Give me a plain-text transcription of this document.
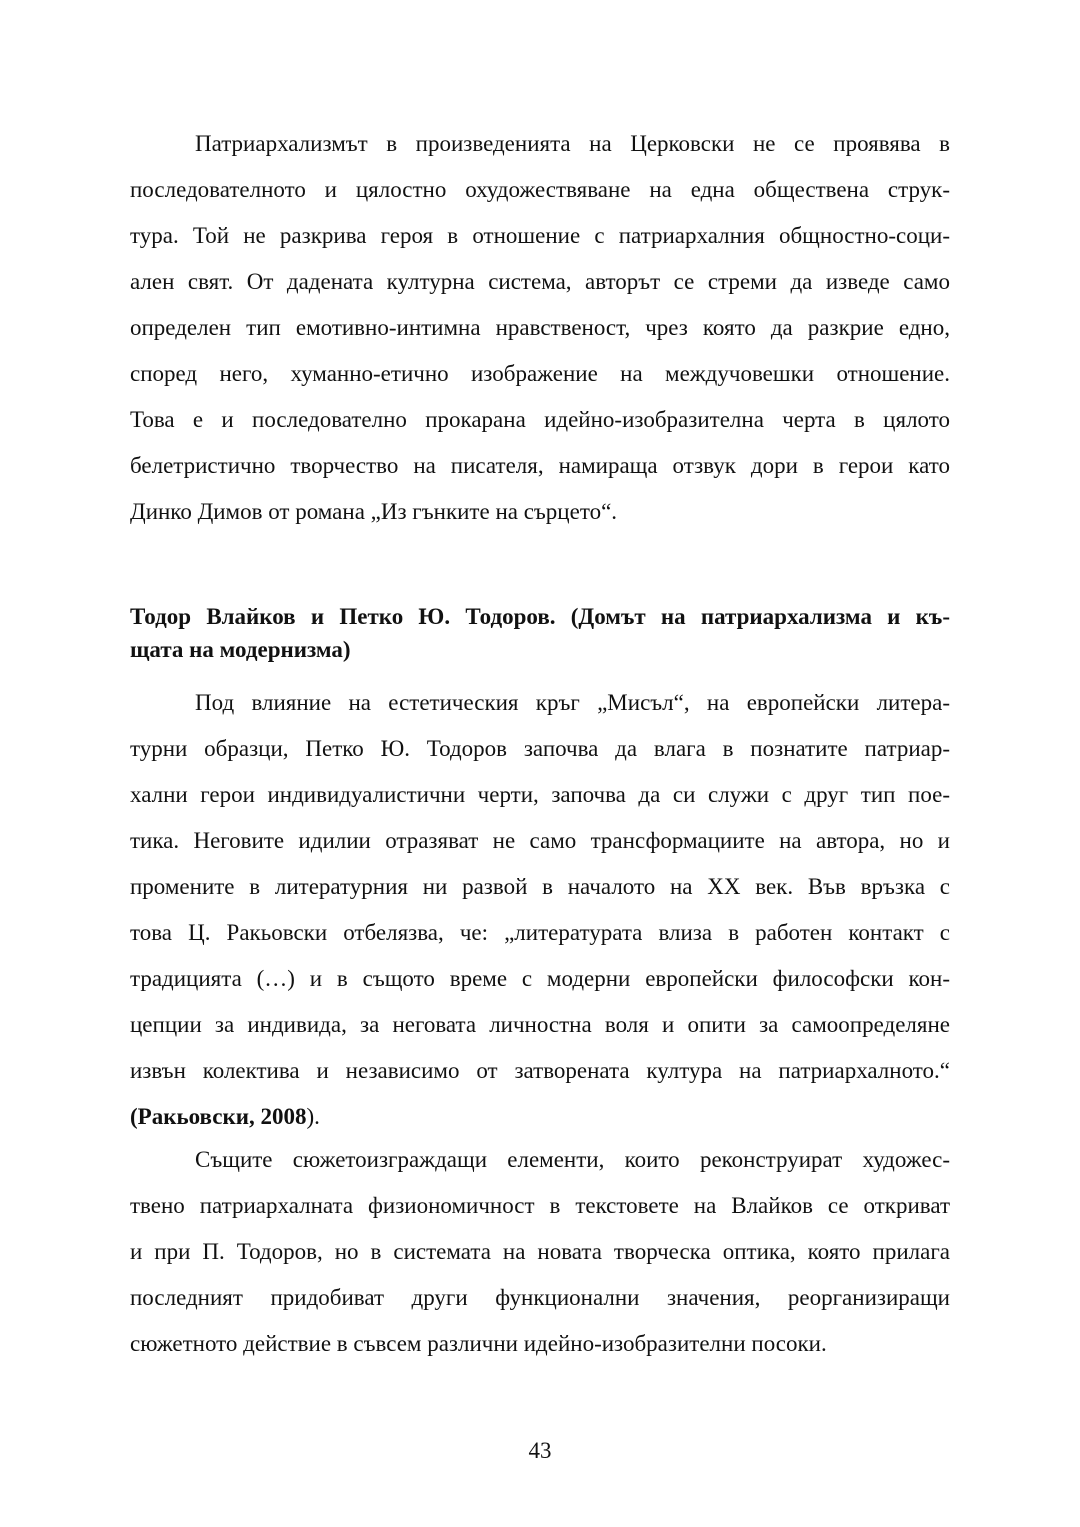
Патриархализмът в произведенията на Церковски не се проявява в
последователното и цялостно охудожествяване на една обществена струк-
тура. Той не разкрива героя в отношение с патриархалния общностно-соци-
ален свят. От дадената културна система, авторът се стреми да изведе само
определен тип емотивно-интимна нравственост, чрез която да разкрие едно,
според него, хуманно-етично изображение на междучовешки отношение.
Това е и последователно прокарана идейно-изобразителна черта в цялото
белетристично творчество на писателя, намираща отзвук дори в герои като
Динко Димов от романа „Из гънките на сърцето“.
Тодор Влайков и Петко Ю. Тодоров. (Домът на патриархализма и къ-
щата на модернизма)
Под влияние на естетическия кръг „Мисъл“, на европейски литера-
турни образци, Петко Ю. Тодоров започва да влага в познатите патриар-
хални герои индивидуалистични черти, започва да си служи с друг тип пое-
тика. Неговите идилии отразяват не само трансформациите на автора, но и
промените в литературния ни развой в началото на ХХ век. Във връзка с
това Ц. Ракьовски отбелязва, че: „литературата влиза в работен контакт с
традицията (…) и в същото време с модерни европейски философски кон-
цепции за индивида, за неговата личностна воля и опити за самоопределяне
извън колектива и независимо от затворената култура на патриархалното.“
(Ракьовски, 2008).
Същите сюжетоизграждащи елементи, които реконструират художес-
твено патриархалната физиономичност в текстовете на Влайков се откриват
и при П. Тодоров, но в системата на новата творческа оптика, която прилага
последният придобиват други функционални значения, реорганизиращи
сюжетното действие в съвсем различни идейно-изобразителни посоки.
43
